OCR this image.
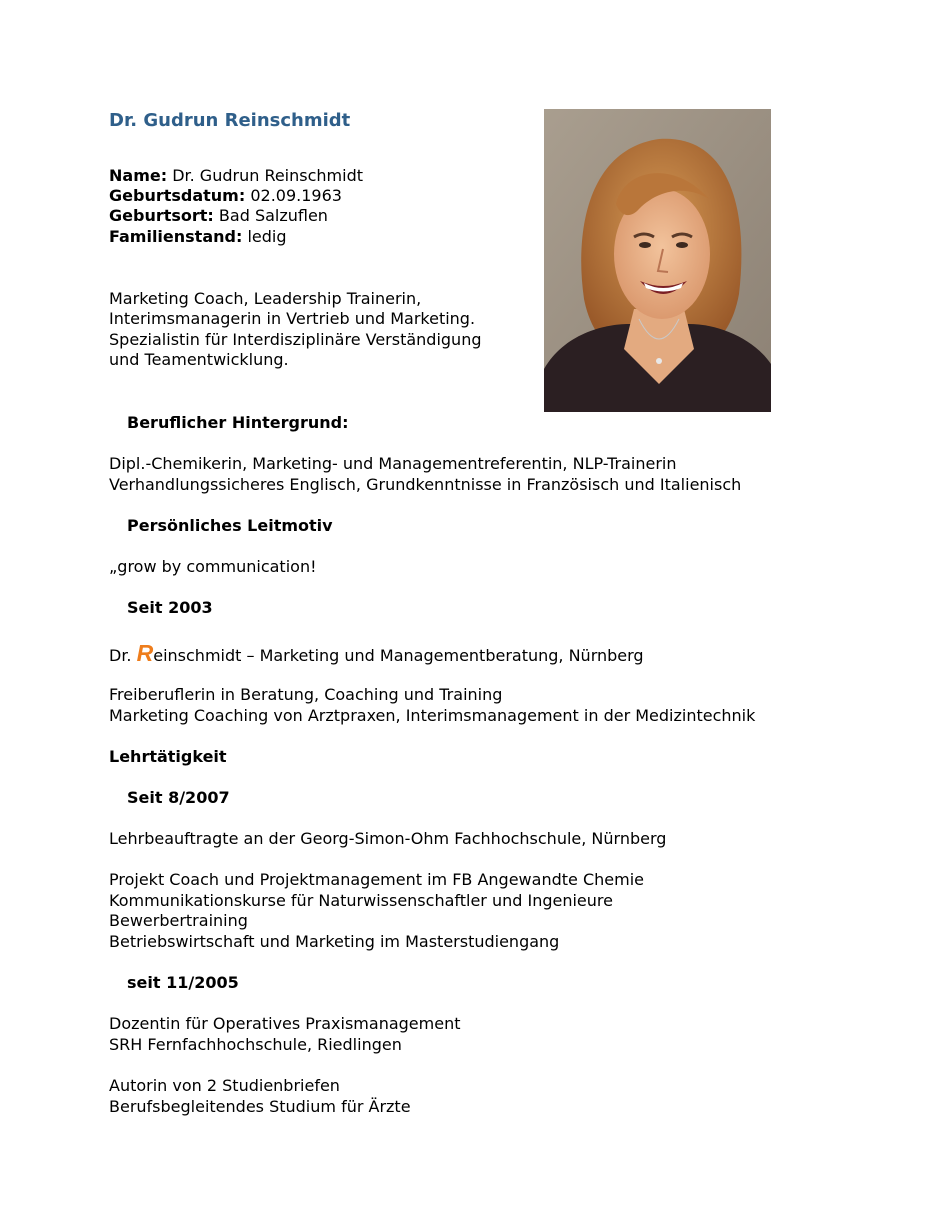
Dr. Gudrun Reinschmidt
Name: Dr. Gudrun Reinschmidt
Geburtsdatum: 02.09.1963
Geburtsort: Bad Salzuflen
Familienstand: ledig
Marketing Coach, Leadership Trainerin,
Interimsmanagerin in Vertrieb und Marketing.
Spezialistin für Interdisziplinäre Verständigung
und Teamentwicklung.
Beruflicher Hintergrund:
Dipl.-Chemikerin, Marketing- und Managementreferentin, NLP-Trainerin
Verhandlungssicheres Englisch, Grundkenntnisse in Französisch und Italienisch
Persönliches Leitmotiv
„grow by communication!
Seit 2003
Dr. Reinschmidt – Marketing und Managementberatung, Nürnberg
Freiberuflerin in Beratung, Coaching und Training
Marketing Coaching von Arztpraxen, Interimsmanagement in der Medizintechnik
Lehrtätigkeit
Seit 8/2007
Lehrbeauftragte an der Georg-Simon-Ohm Fachhochschule, Nürnberg
Projekt Coach und Projektmanagement im FB Angewandte Chemie
Kommunikationskurse für Naturwissenschaftler und Ingenieure
Bewerbertraining
Betriebswirtschaft und Marketing im Masterstudiengang
seit 11/2005
Dozentin für Operatives Praxismanagement
SRH Fernfachhochschule, Riedlingen
Autorin von 2 Studienbriefen
Berufsbegleitendes Studium für Ärzte
